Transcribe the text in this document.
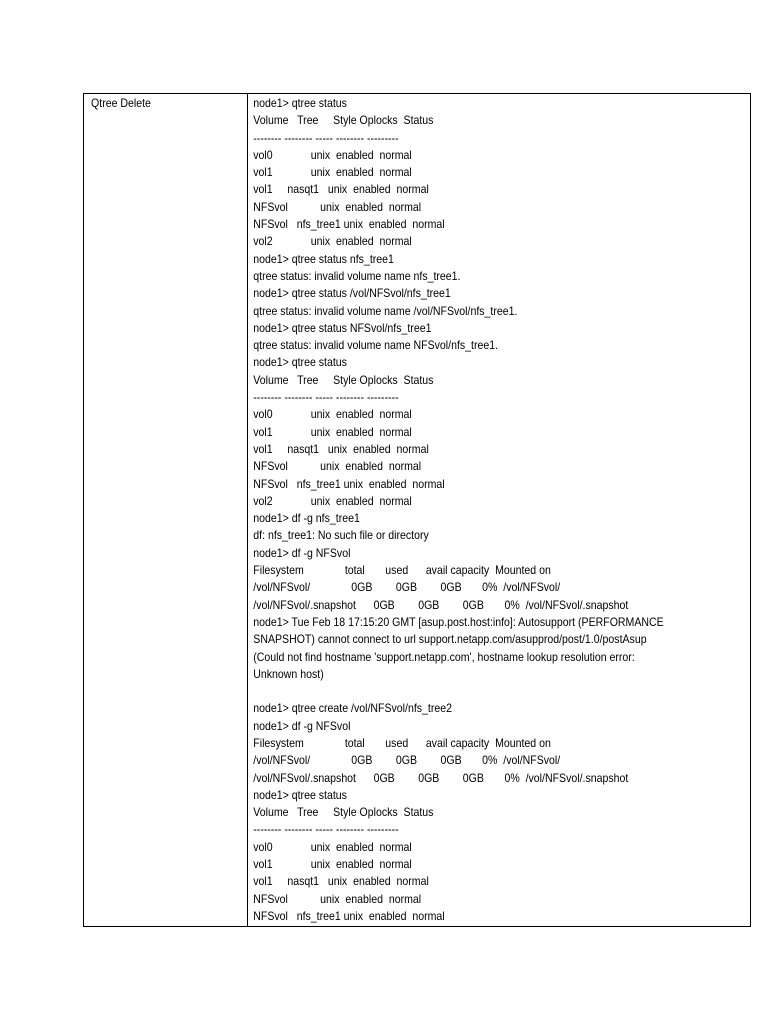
Qtree Delete	node1> qtree status
Volume   Tree     Style Oplocks  Status
-------- -------- ----- -------- ---------
vol0             unix  enabled  normal
vol1             unix  enabled  normal
vol1     nasqt1   unix  enabled  normal
NFSvol           unix  enabled  normal
NFSvol   nfs_tree1 unix  enabled  normal
vol2             unix  enabled  normal
node1> qtree status nfs_tree1
qtree status: invalid volume name nfs_tree1.
node1> qtree status /vol/NFSvol/nfs_tree1
qtree status: invalid volume name /vol/NFSvol/nfs_tree1.
node1> qtree status NFSvol/nfs_tree1
qtree status: invalid volume name NFSvol/nfs_tree1.
node1> qtree status
Volume   Tree     Style Oplocks  Status
-------- -------- ----- -------- ---------
vol0             unix  enabled  normal
vol1             unix  enabled  normal
vol1     nasqt1   unix  enabled  normal
NFSvol           unix  enabled  normal
NFSvol   nfs_tree1 unix  enabled  normal
vol2             unix  enabled  normal
node1> df -g nfs_tree1
df: nfs_tree1: No such file or directory
node1> df -g NFSvol
Filesystem              total       used      avail capacity  Mounted on
/vol/NFSvol/              0GB        0GB        0GB       0%  /vol/NFSvol/
/vol/NFSvol/.snapshot      0GB        0GB        0GB       0%  /vol/NFSvol/.snapshot
node1> Tue Feb 18 17:15:20 GMT [asup.post.host:info]: Autosupport (PERFORMANCE
SNAPSHOT) cannot connect to url support.netapp.com/asupprod/post/1.0/postAsup
(Could not find hostname 'support.netapp.com', hostname lookup resolution error:
Unknown host)
node1> qtree create /vol/NFSvol/nfs_tree2
node1> df -g NFSvol
Filesystem              total       used      avail capacity  Mounted on
/vol/NFSvol/              0GB        0GB        0GB       0%  /vol/NFSvol/
/vol/NFSvol/.snapshot      0GB        0GB        0GB       0%  /vol/NFSvol/.snapshot
node1> qtree status
Volume   Tree     Style Oplocks  Status
-------- -------- ----- -------- ---------
vol0             unix  enabled  normal
vol1             unix  enabled  normal
vol1     nasqt1   unix  enabled  normal
NFSvol           unix  enabled  normal
NFSvol   nfs_tree1 unix  enabled  normal
